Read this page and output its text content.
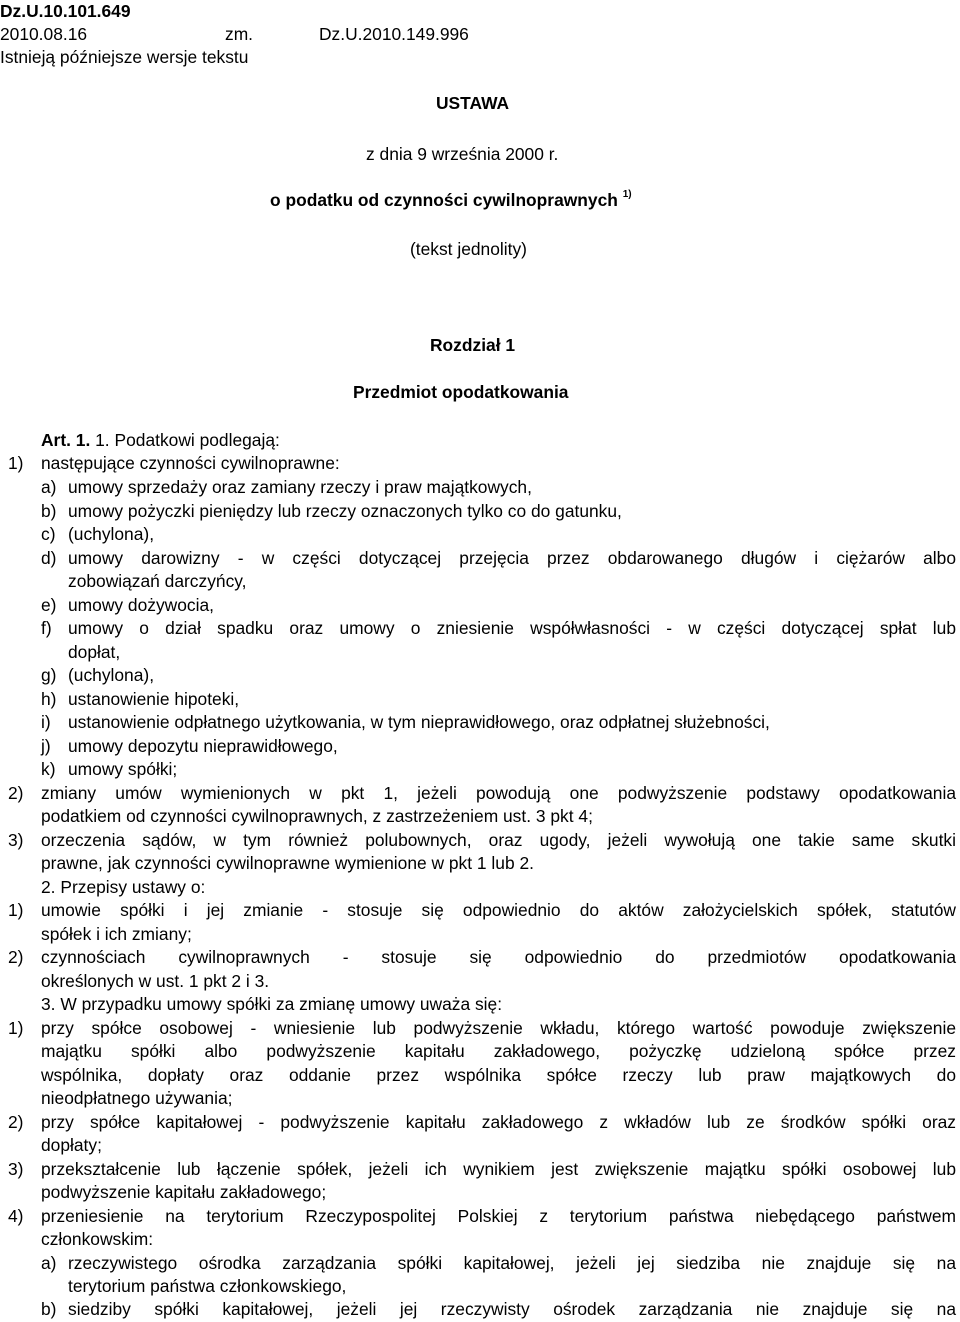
Dz.U.10.101.649
2010.08.16	zm.	Dz.U.2010.149.996
Istnieją późniejsze wersje tekstu
USTAWA
z dnia 9 września 2000 r.
o podatku od czynności cywilnoprawnych $^{1)}$
(tekst jednolity)
Rozdział 1
Przedmiot opodatkowania
Art. 1. 1. Podatkowi podlegają:
1) następujące czynności cywilnoprawne:
a) umowy sprzedaży oraz zamiany rzeczy i praw majątkowych,
b) umowy pożyczki pieniędzy lub rzeczy oznaczonych tylko co do gatunku,
c) (uchylona),
d) umowy darowizny - w części dotyczącej przejęcia przez obdarowanego długów i ciężarów albo
zobowiązań darczyńcy,
e) umowy dożywocia,
f) umowy o dział spadku oraz umowy o zniesienie współwłasności - w części dotyczącej spłat lub
dopłat,
g) (uchylona),
h) ustanowienie hipoteki,
i) ustanowienie odpłatnego użytkowania, w tym nieprawidłowego, oraz odpłatnej służebności,
j) umowy depozytu nieprawidłowego,
k) umowy spółki;
2) zmiany umów wymienionych w pkt 1, jeżeli powodują one podwyższenie podstawy opodatkowania
podatkiem od czynności cywilnoprawnych, z zastrzeżeniem ust. 3 pkt 4;
3) orzeczenia sądów, w tym również polubownych, oraz ugody, jeżeli wywołują one takie same skutki
prawne, jak czynności cywilnoprawne wymienione w pkt 1 lub 2.
2. Przepisy ustawy o:
1) umowie spółki i jej zmianie - stosuje się odpowiednio do aktów założycielskich spółek, statutów
spółek i ich zmiany;
2) czynnościach cywilnoprawnych - stosuje się odpowiednio do przedmiotów opodatkowania
określonych w ust. 1 pkt 2 i 3.
3. W przypadku umowy spółki za zmianę umowy uważa się:
1) przy spółce osobowej - wniesienie lub podwyższenie wkładu, którego wartość powoduje zwiększenie
majątku spółki albo podwyższenie kapitału zakładowego, pożyczkę udzieloną spółce przez
wspólnika, dopłaty oraz oddanie przez wspólnika spółce rzeczy lub praw majątkowych do
nieodpłatnego używania;
2) przy spółce kapitałowej - podwyższenie kapitału zakładowego z wkładów lub ze środków spółki oraz
dopłaty;
3) przekształcenie lub łączenie spółek, jeżeli ich wynikiem jest zwiększenie majątku spółki osobowej lub
podwyższenie kapitału zakładowego;
4) przeniesienie na terytorium Rzeczypospolitej Polskiej z terytorium państwa niebędącego państwem
członkowskim:
a) rzeczywistego ośrodka zarządzania spółki kapitałowej, jeżeli jej siedziba nie znajduje się na
terytorium państwa członkowskiego,
b) siedziby spółki kapitałowej, jeżeli jej rzeczywisty ośrodek zarządzania nie znajduje się na
